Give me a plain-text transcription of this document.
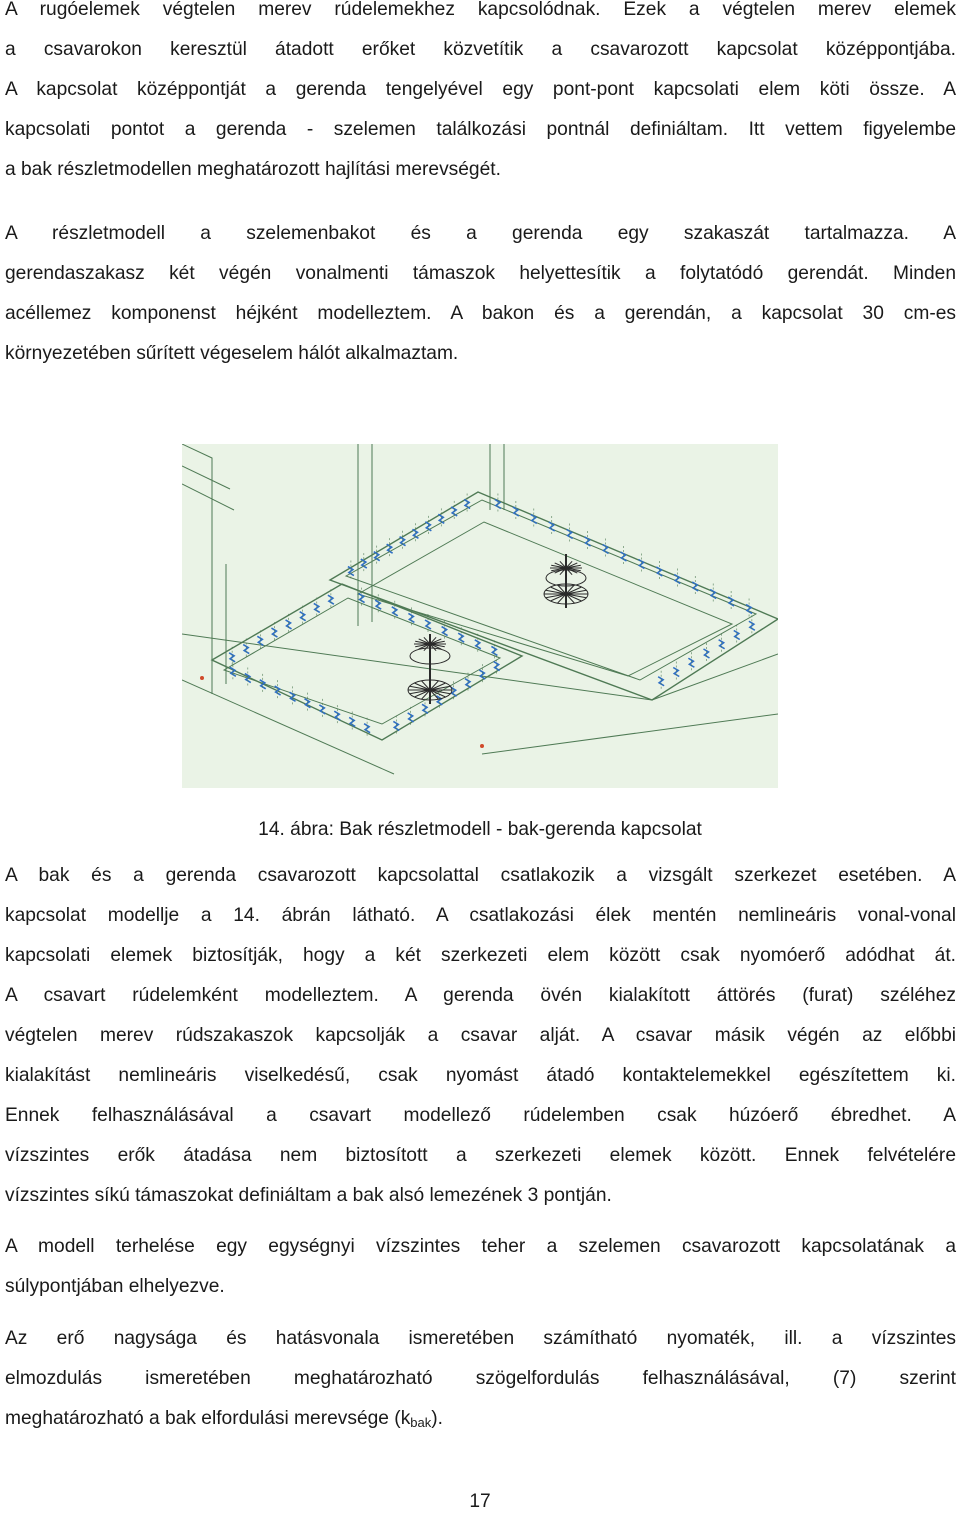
A rugóelemek végtelen merev rúdelemekhez kapcsolódnak. Ezek a végtelen merev elemek
a csavarokon keresztül átadott erőket közvetítik a csavarozott kapcsolat középpontjába.
A kapcsolat középpontját a gerenda tengelyével egy pont-pont kapcsolati elem köti össze. A
kapcsolati pontot a gerenda - szelemen találkozási pontnál definiáltam. Itt vettem figyelembe
a bak részletmodellen meghatározott hajlítási merevségét.
A részletmodell a szelemenbakot és a gerenda egy szakaszát tartalmazza. A
gerendaszakasz két végén vonalmenti támaszok helyettesítik a folytatódó gerendát. Minden
acéllemez komponenst héjként modelleztem. A bakon és a gerendán, a kapcsolat 30 cm-es
környezetében sűrített végeselem hálót alkalmaztam.
14. ábra: Bak részletmodell - bak-gerenda kapcsolat
A bak és a gerenda csavarozott kapcsolattal csatlakozik a vizsgált szerkezet esetében. A
kapcsolat modellje a 14. ábrán látható. A csatlakozási élek mentén nemlineáris vonal-vonal
kapcsolati elemek biztosítják, hogy a két szerkezeti elem között csak nyomóerő adódhat át.
A csavart rúdelemként modelleztem. A gerenda övén kialakított áttörés (furat) széléhez
végtelen merev rúdszakaszok kapcsolják a csavar alját. A csavar másik végén az előbbi
kialakítást nemlineáris viselkedésű, csak nyomást átadó kontaktelemekkel egészítettem ki.
Ennek felhasználásával a csavart modellező rúdelemben csak húzóerő ébredhet. A
vízszintes erők átadása nem biztosított a szerkezeti elemek között. Ennek felvételére
vízszintes síkú támaszokat definiáltam a bak alsó lemezének 3 pontján.
A modell terhelése egy egységnyi vízszintes teher a szelemen csavarozott kapcsolatának a
súlypontjában elhelyezve.
Az erő nagysága és hatásvonala ismeretében számítható nyomaték, ill. a vízszintes
elmozdulás ismeretében meghatározható szögelfordulás felhasználásával, (7) szerint
meghatározható a bak elfordulási merevsége $(k_{bak})$.
17
